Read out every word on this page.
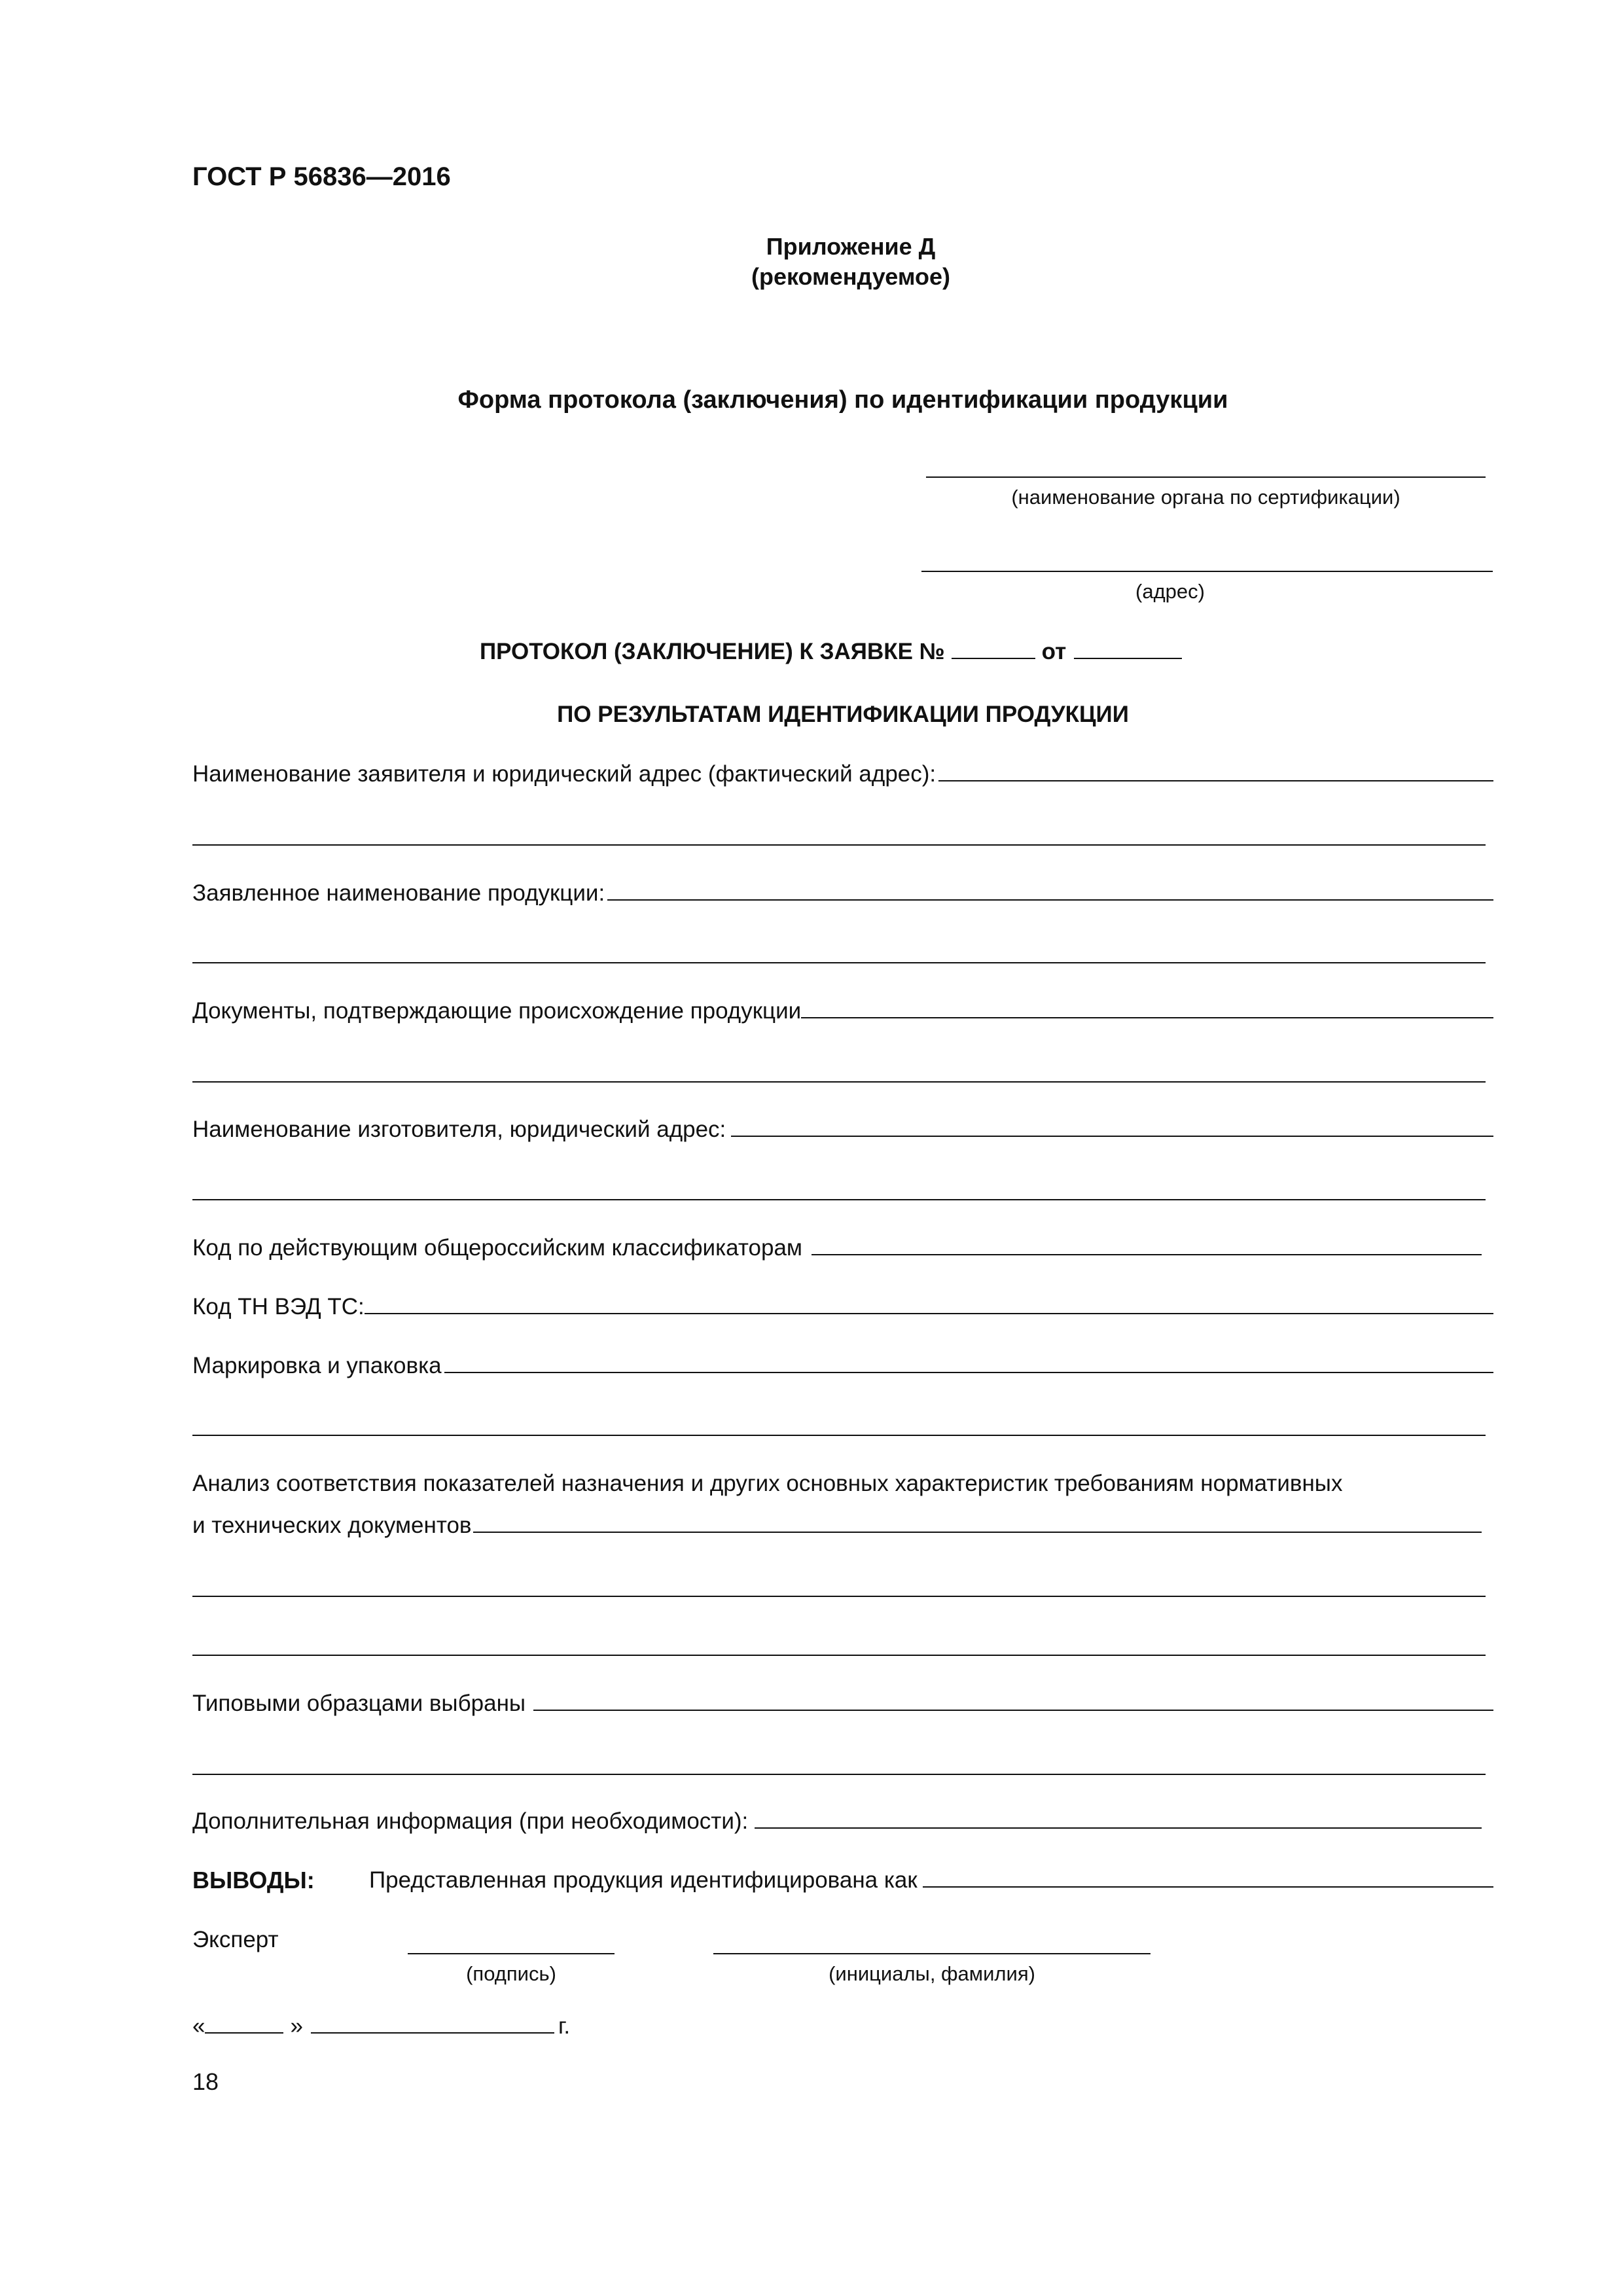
ГОСТ Р 56836—2016
Приложение Д
(рекомендуемое)
Форма протокола (заключения) по идентификации продукции
(наименование органа по сертификации)
(адрес)
ПРОТОКОЛ (ЗАКЛЮЧЕНИЕ) К ЗАЯВКЕ №	от
ПО РЕЗУЛЬТАТАМ ИДЕНТИФИКАЦИИ ПРОДУКЦИИ
Наименование заявителя и юридический адрес (фактический адрес):
Заявленное наименование продукции:
Документы, подтверждающие происхождение продукции
Наименование изготовителя, юридический адрес:
Код по действующим общероссийским классификаторам
Код ТН ВЭД ТС:
Маркировка и упаковка
Анализ соответствия показателей назначения и других основных характеристик требованиям нормативных
и технических документов
Типовыми образцами выбраны
Дополнительная информация (при необходимости):
ВЫВОДЫ: Представленная продукция идентифицирована как
Эксперт
(подпись)	(инициалы, фамилия)
«	»	г.
18
